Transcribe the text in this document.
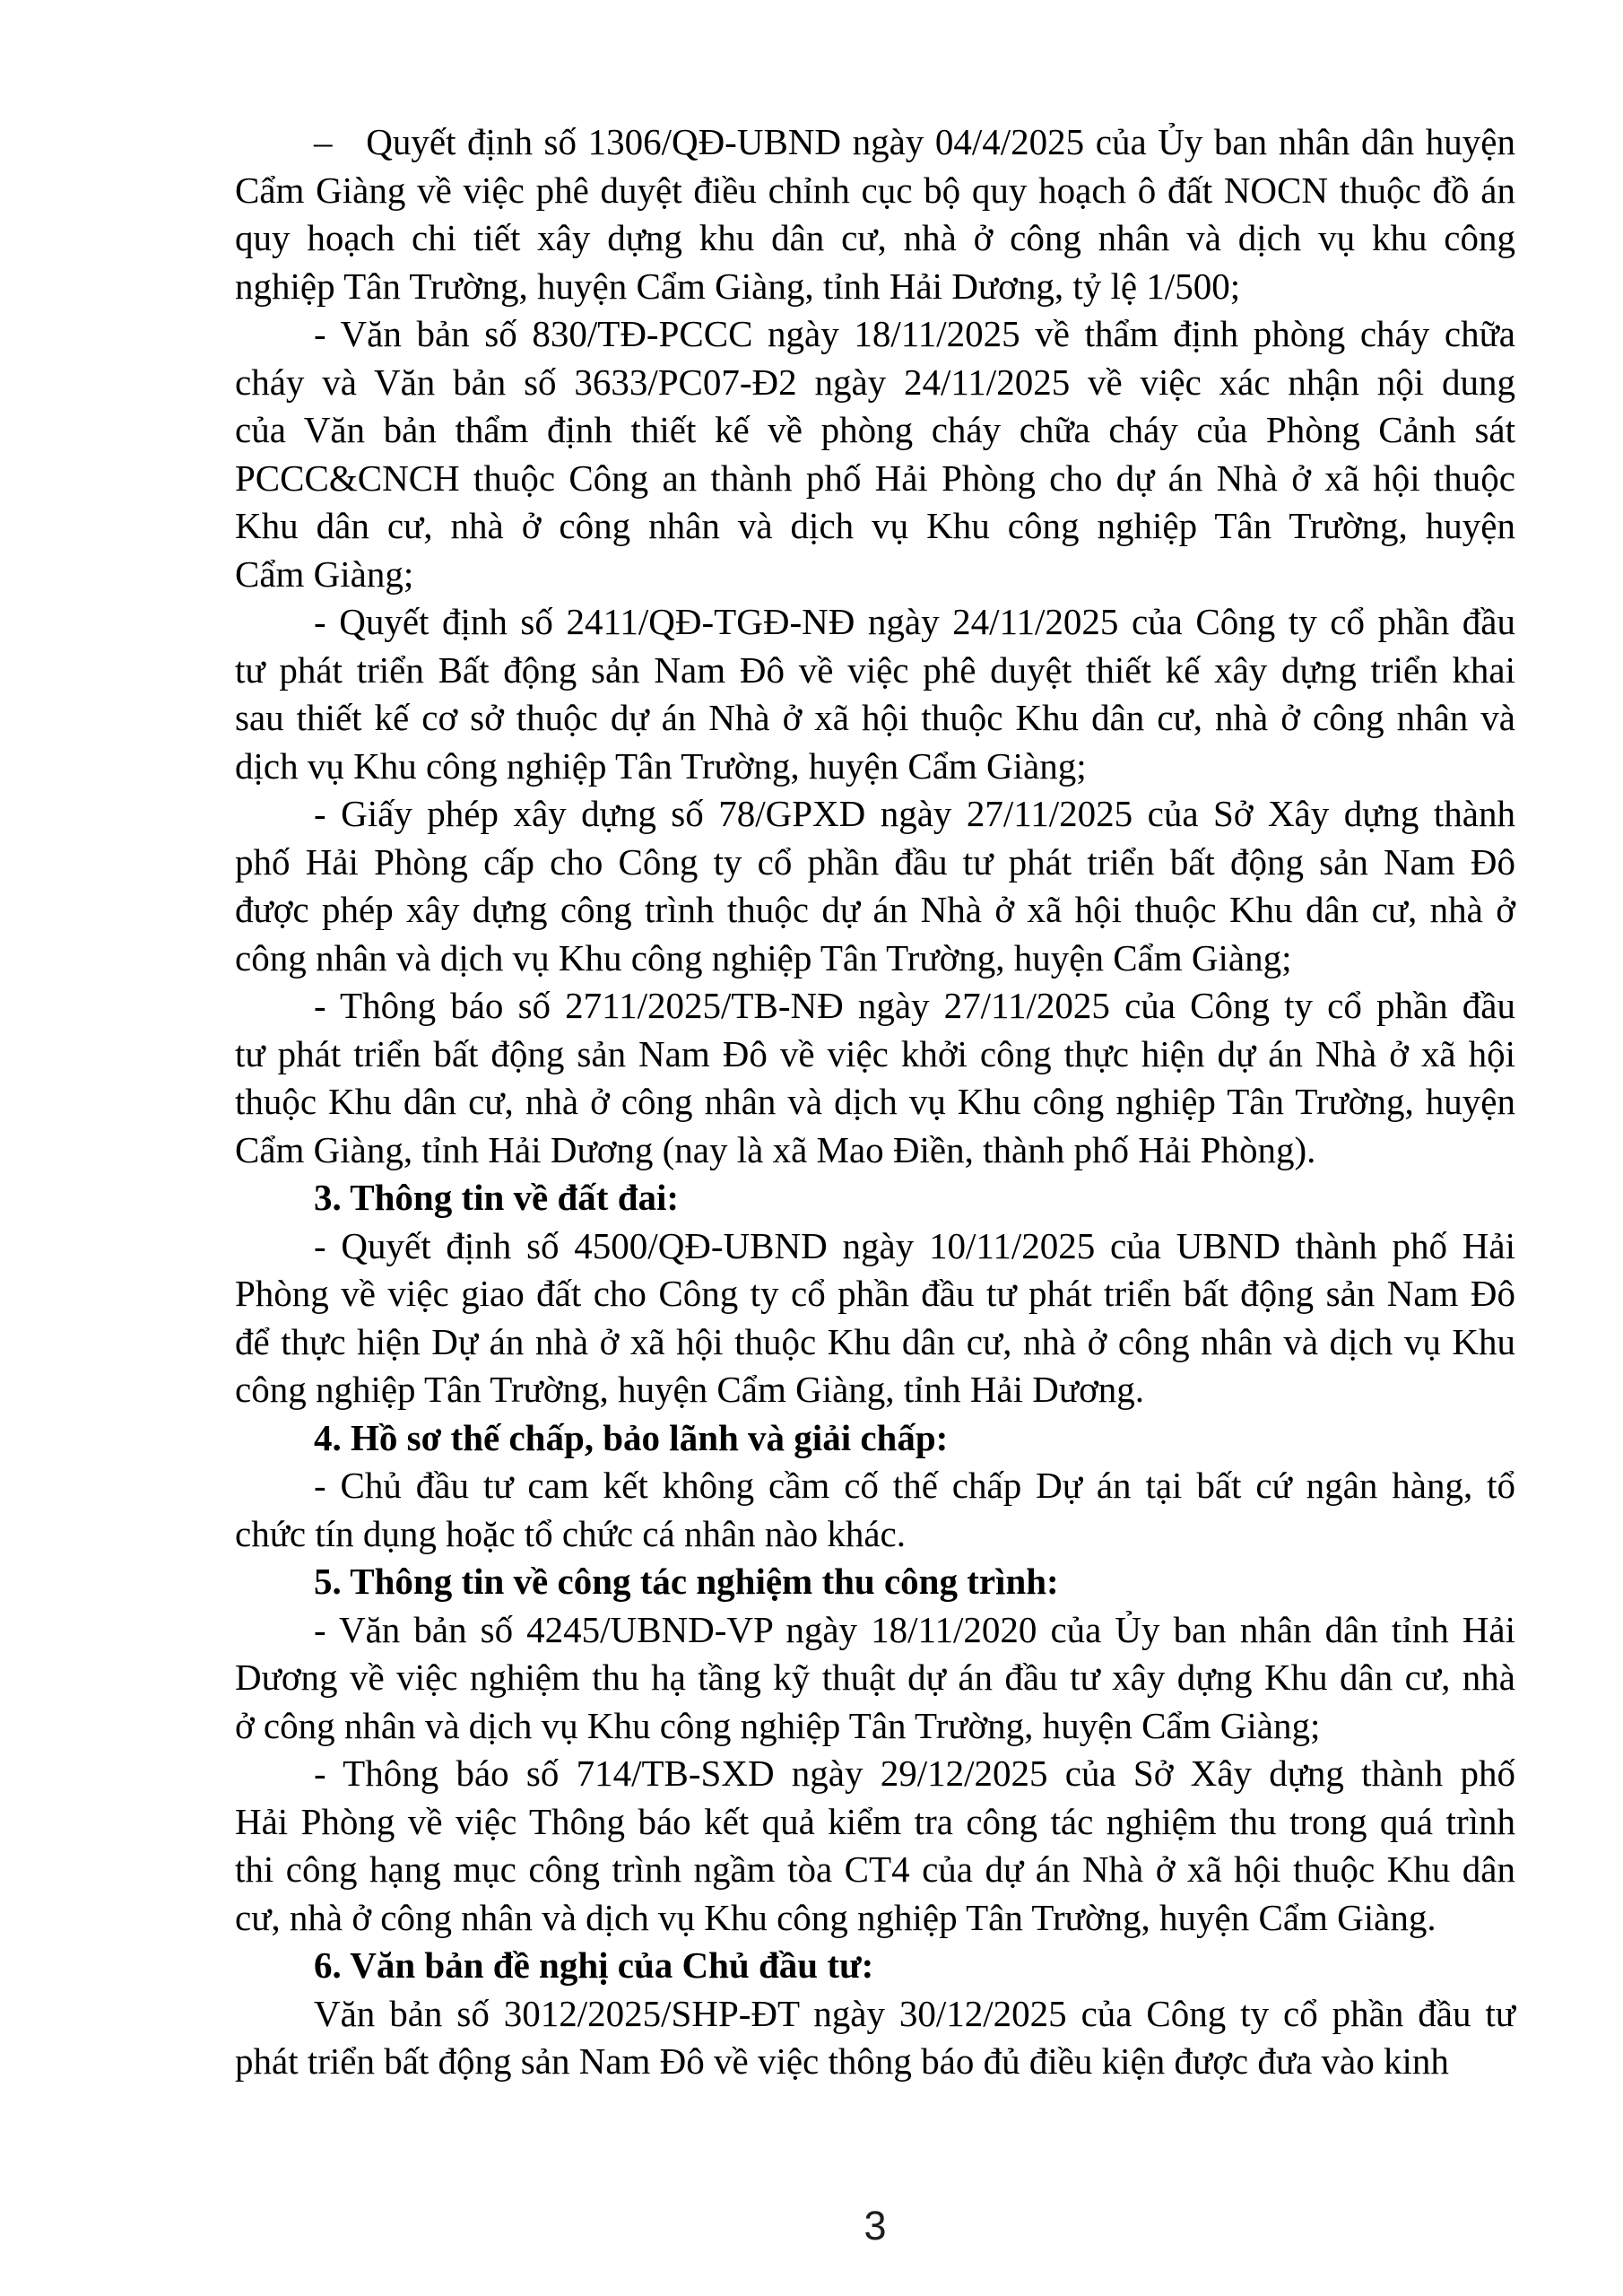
–   Quyết định số 1306/QĐ-UBND ngày 04/4/2025 của Ủy ban nhân dân huyện
Cẩm Giàng về việc phê duyệt điều chỉnh cục bộ quy hoạch ô đất NOCN thuộc đồ án
quy hoạch chi tiết xây dựng khu dân cư, nhà ở công nhân và dịch vụ khu công
nghiệp Tân Trường, huyện Cẩm Giàng, tỉnh Hải Dương, tỷ lệ 1/500;
- Văn bản số 830/TĐ-PCCC ngày 18/11/2025 về thẩm định phòng cháy chữa
cháy và Văn bản số 3633/PC07-Đ2 ngày 24/11/2025 về việc xác nhận nội dung
của Văn bản thẩm định thiết kế về phòng cháy chữa cháy của Phòng Cảnh sát
PCCC&CNCH thuộc Công an thành phố Hải Phòng cho dự án Nhà ở xã hội thuộc
Khu dân cư, nhà ở công nhân và dịch vụ Khu công nghiệp Tân Trường, huyện
Cẩm Giàng;
- Quyết định số 2411/QĐ-TGĐ-NĐ ngày 24/11/2025 của Công ty cổ phần đầu
tư phát triển Bất động sản Nam Đô về việc phê duyệt thiết kế xây dựng triển khai
sau thiết kế cơ sở thuộc dự án Nhà ở xã hội thuộc Khu dân cư, nhà ở công nhân và
dịch vụ Khu công nghiệp Tân Trường, huyện Cẩm Giàng;
- Giấy phép xây dựng số 78/GPXD ngày 27/11/2025 của Sở Xây dựng thành
phố Hải Phòng cấp cho Công ty cổ phần đầu tư phát triển bất động sản Nam Đô
được phép xây dựng công trình thuộc dự án Nhà ở xã hội thuộc Khu dân cư, nhà ở
công nhân và dịch vụ Khu công nghiệp Tân Trường, huyện Cẩm Giàng;
- Thông báo số 2711/2025/TB-NĐ ngày 27/11/2025 của Công ty cổ phần đầu
tư phát triển bất động sản Nam Đô về việc khởi công thực hiện dự án Nhà ở xã hội
thuộc Khu dân cư, nhà ở công nhân và dịch vụ Khu công nghiệp Tân Trường, huyện
Cẩm Giàng, tỉnh Hải Dương (nay là xã Mao Điền, thành phố Hải Phòng).
3. Thông tin về đất đai:
- Quyết định số 4500/QĐ-UBND ngày 10/11/2025 của UBND thành phố Hải
Phòng về việc giao đất cho Công ty cổ phần đầu tư phát triển bất động sản Nam Đô
để thực hiện Dự án nhà ở xã hội thuộc Khu dân cư, nhà ở công nhân và dịch vụ Khu
công nghiệp Tân Trường, huyện Cẩm Giàng, tỉnh Hải Dương.
4. Hồ sơ thế chấp, bảo lãnh và giải chấp:
- Chủ đầu tư cam kết không cầm cố thế chấp Dự án tại bất cứ ngân hàng, tổ
chức tín dụng hoặc tổ chức cá nhân nào khác.
5. Thông tin về công tác nghiệm thu công trình:
- Văn bản số 4245/UBND-VP ngày 18/11/2020 của Ủy ban nhân dân tỉnh Hải
Dương về việc nghiệm thu hạ tầng kỹ thuật dự án đầu tư xây dựng Khu dân cư, nhà
ở công nhân và dịch vụ Khu công nghiệp Tân Trường, huyện Cẩm Giàng;
- Thông báo số 714/TB-SXD ngày 29/12/2025 của Sở Xây dựng thành phố
Hải Phòng về việc Thông báo kết quả kiểm tra công tác nghiệm thu trong quá trình
thi công hạng mục công trình ngầm tòa CT4 của dự án Nhà ở xã hội thuộc Khu dân
cư, nhà ở công nhân và dịch vụ Khu công nghiệp Tân Trường, huyện Cẩm Giàng.
6. Văn bản đề nghị của Chủ đầu tư:
Văn bản số 3012/2025/SHP-ĐT ngày 30/12/2025 của Công ty cổ phần đầu tư
phát triển bất động sản Nam Đô về việc thông báo đủ điều kiện được đưa vào kinh
3
